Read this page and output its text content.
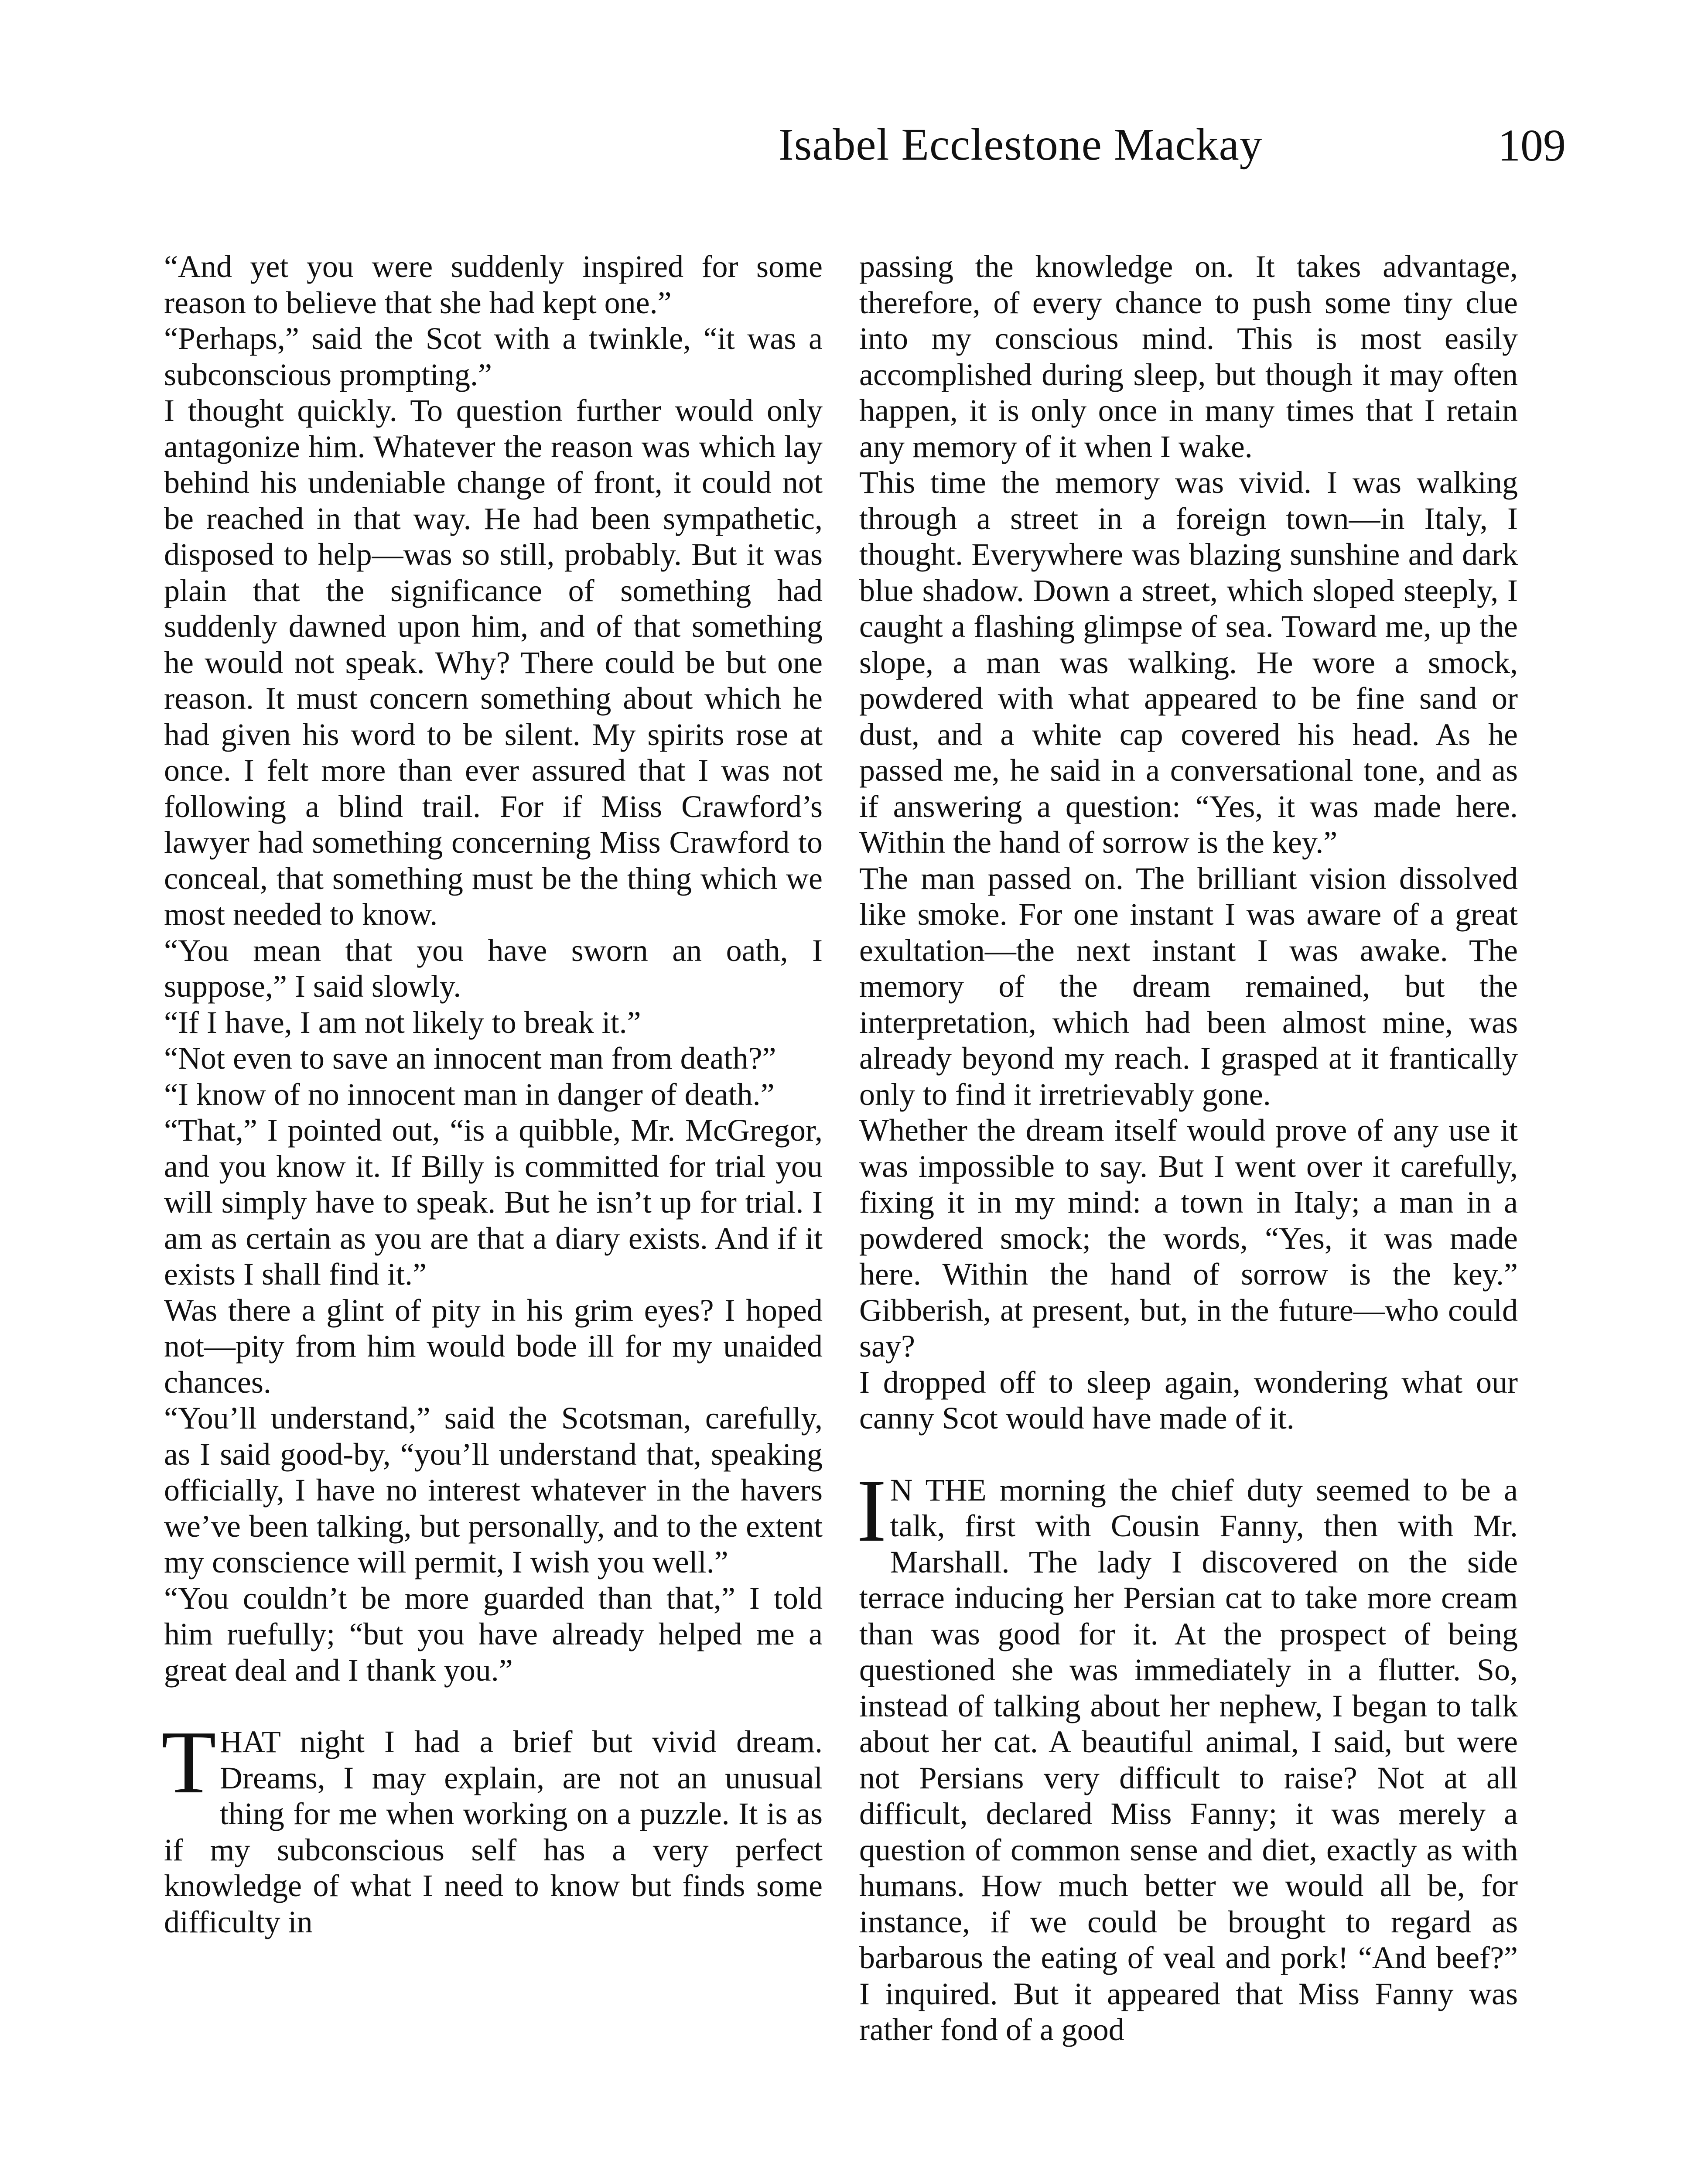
Isabel Ecclestone Mackay	109

“And yet you were suddenly inspired for some reason to believe that she had kept one.”

“Perhaps,” said the Scot with a twinkle, “it was a subconscious prompting.”

I thought quickly. To question further would only antagonize him. Whatever the reason was which lay behind his undeniable change of front, it could not be reached in that way. He had been sympathetic, disposed to help—was so still, probably. But it was plain that the significance of something had suddenly dawned upon him, and of that something he would not speak. Why? There could be but one reason. It must concern something about which he had given his word to be silent. My spirits rose at once. I felt more than ever assured that I was not following a blind trail. For if Miss Crawford’s lawyer had something concerning Miss Crawford to conceal, that something must be the thing which we most needed to know.

“You mean that you have sworn an oath, I suppose,” I said slowly.

“If I have, I am not likely to break it.”

“Not even to save an innocent man from death?”

“I know of no innocent man in danger of death.”

“That,” I pointed out, “is a quibble, Mr. McGregor, and you know it. If Billy is committed for trial you will simply have to speak. But he isn’t up for trial. I am as certain as you are that a diary exists. And if it exists I shall find it.”

Was there a glint of pity in his grim eyes? I hoped not—pity from him would bode ill for my unaided chances.

“You’ll understand,” said the Scotsman, carefully, as I said good-by, “you’ll understand that, speaking officially, I have no interest whatever in the havers we’ve been talking, but personally, and to the extent my conscience will permit, I wish you well.”

“You couldn’t be more guarded than that,” I told him ruefully; “but you have already helped me a great deal and I thank you.”

THAT night I had a brief but vivid dream. Dreams, I may explain, are not an unusual thing for me when working on a puzzle. It is as if my subconscious self has a very perfect knowledge of what I need to know but finds some difficulty in

passing the knowledge on. It takes advantage, therefore, of every chance to push some tiny clue into my conscious mind. This is most easily accomplished during sleep, but though it may often happen, it is only once in many times that I retain any memory of it when I wake.

This time the memory was vivid. I was walking through a street in a foreign town—in Italy, I thought. Everywhere was blazing sunshine and dark blue shadow. Down a street, which sloped steeply, I caught a flashing glimpse of sea. Toward me, up the slope, a man was walking. He wore a smock, powdered with what appeared to be fine sand or dust, and a white cap covered his head. As he passed me, he said in a conversational tone, and as if answering a question: “Yes, it was made here. Within the hand of sorrow is the key.”

The man passed on. The brilliant vision dissolved like smoke. For one instant I was aware of a great exultation—the next instant I was awake. The memory of the dream remained, but the interpretation, which had been almost mine, was already beyond my reach. I grasped at it frantically only to find it irretrievably gone.

Whether the dream itself would prove of any use it was impossible to say. But I went over it carefully, fixing it in my mind: a town in Italy; a man in a powdered smock; the words, “Yes, it was made here. Within the hand of sorrow is the key.” Gibberish, at present, but, in the future—who could say?

I dropped off to sleep again, wondering what our canny Scot would have made of it.

I N THE morning the chief duty seemed to be a talk, first with Cousin Fanny, then with Mr. Marshall. The lady I discovered on the side terrace inducing her Persian cat to take more cream than was good for it. At the prospect of being questioned she was immediately in a flutter. So, instead of talking about her nephew, I began to talk about her cat. A beautiful animal, I said, but were not Persians very difficult to raise? Not at all difficult, declared Miss Fanny; it was merely a question of common sense and diet, exactly as with humans. How much better we would all be, for instance, if we could be brought to regard as barbarous the eating of veal and pork! “And beef?” I inquired. But it appeared that Miss Fanny was rather fond of a good
